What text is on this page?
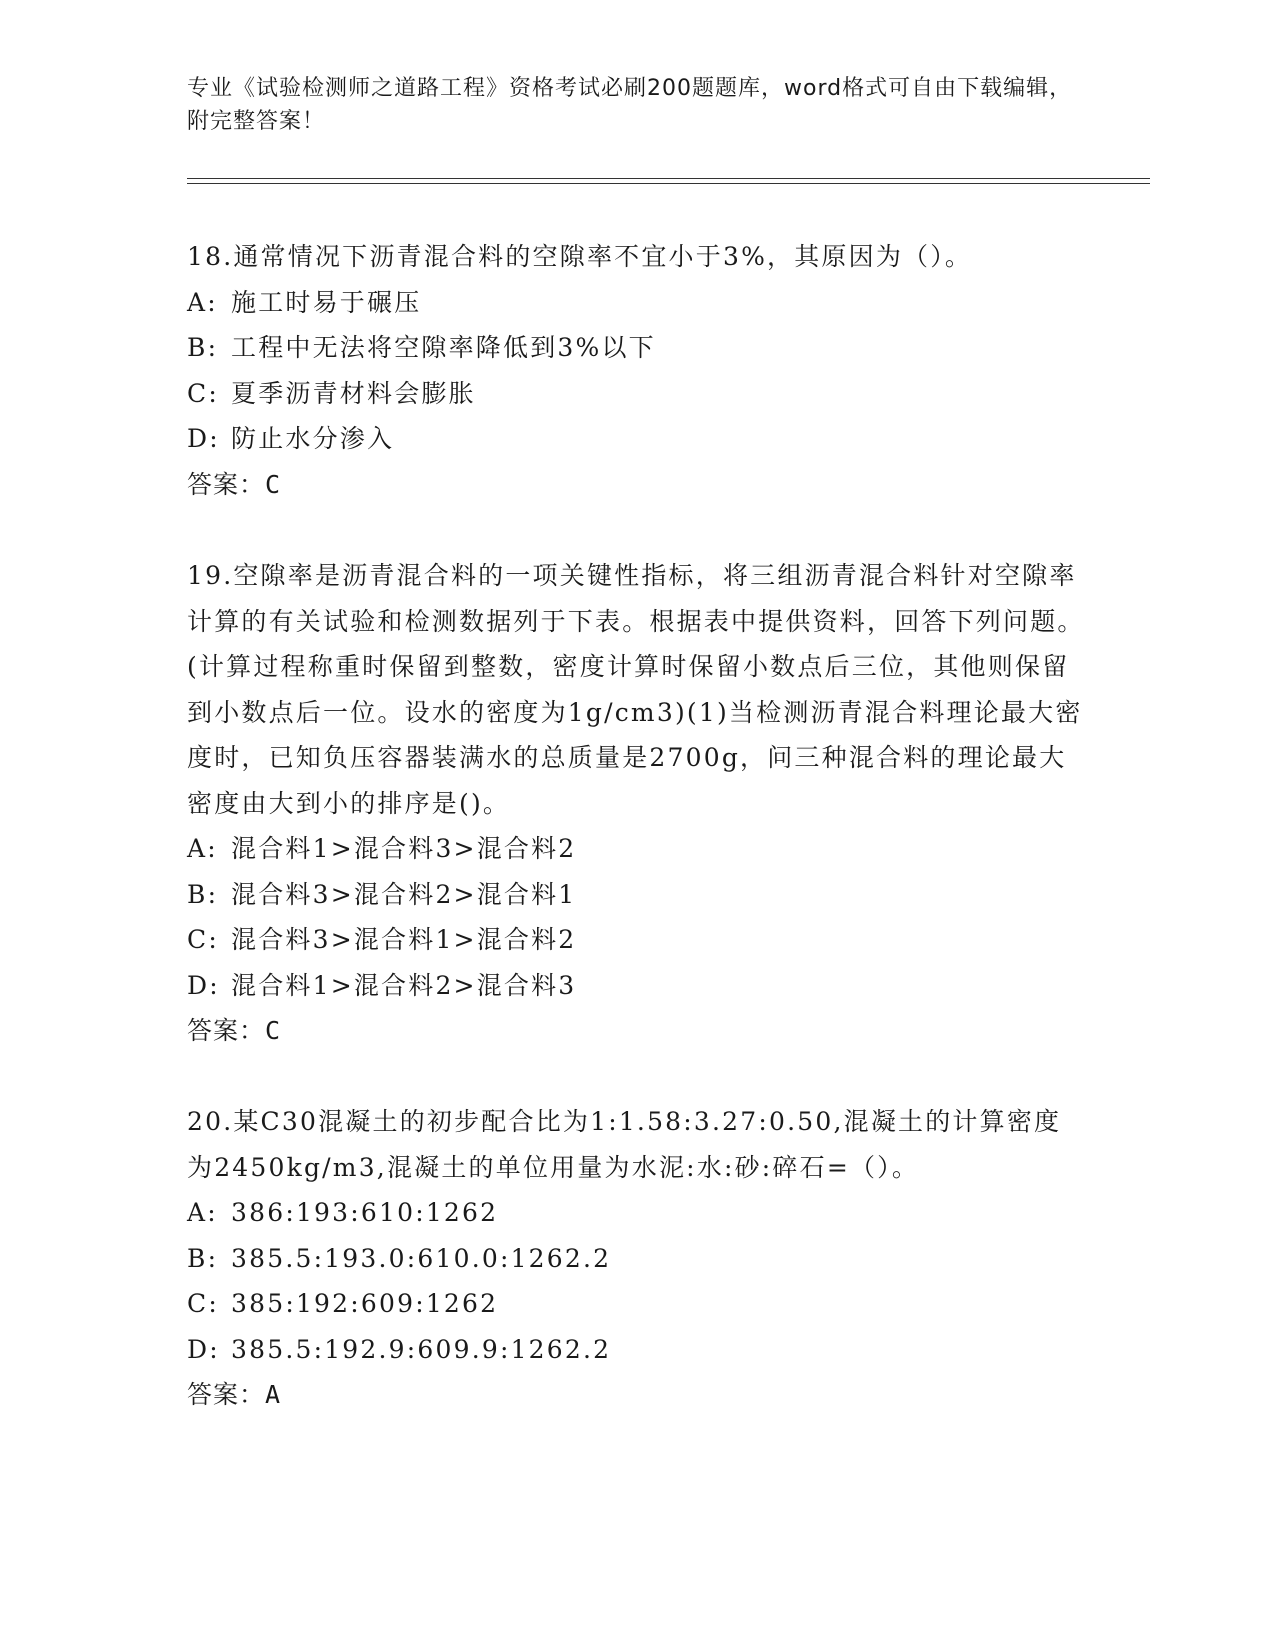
专业《试验检测师之道路工程》资格考试必刷200题题库，word格式可自由下载编辑，附完整答案！

18.通常情况下沥青混合料的空隙率不宜小于3%，其原因为（）。

A: 施工时易于碾压

B: 工程中无法将空隙率降低到3%以下

C: 夏季沥青材料会膨胀

D: 防止水分渗入

答案：C

19.空隙率是沥青混合料的一项关键性指标，将三组沥青混合料针对空隙率计算的有关试验和检测数据列于下表。根据表中提供资料，回答下列问题。(计算过程称重时保留到整数，密度计算时保留小数点后三位，其他则保留到小数点后一位。设水的密度为1g/cm3)(1)当检测沥青混合料理论最大密度时，已知负压容器装满水的总质量是2700g，问三种混合料的理论最大密度由大到小的排序是()。

A: 混合料1>混合料3>混合料2

B: 混合料3>混合料2>混合料1

C: 混合料3>混合料1>混合料2

D: 混合料1>混合料2>混合料3

答案：C

20.某C30混凝土的初步配合比为1:1.58:3.27:0.50,混凝土的计算密度为2450kg/m3,混凝土的单位用量为水泥:水:砂:碎石=（）。

A: 386:193:610:1262

B: 385.5:193.0:610.0:1262.2

C: 385:192:609:1262

D: 385.5:192.9:609.9:1262.2

答案：A
